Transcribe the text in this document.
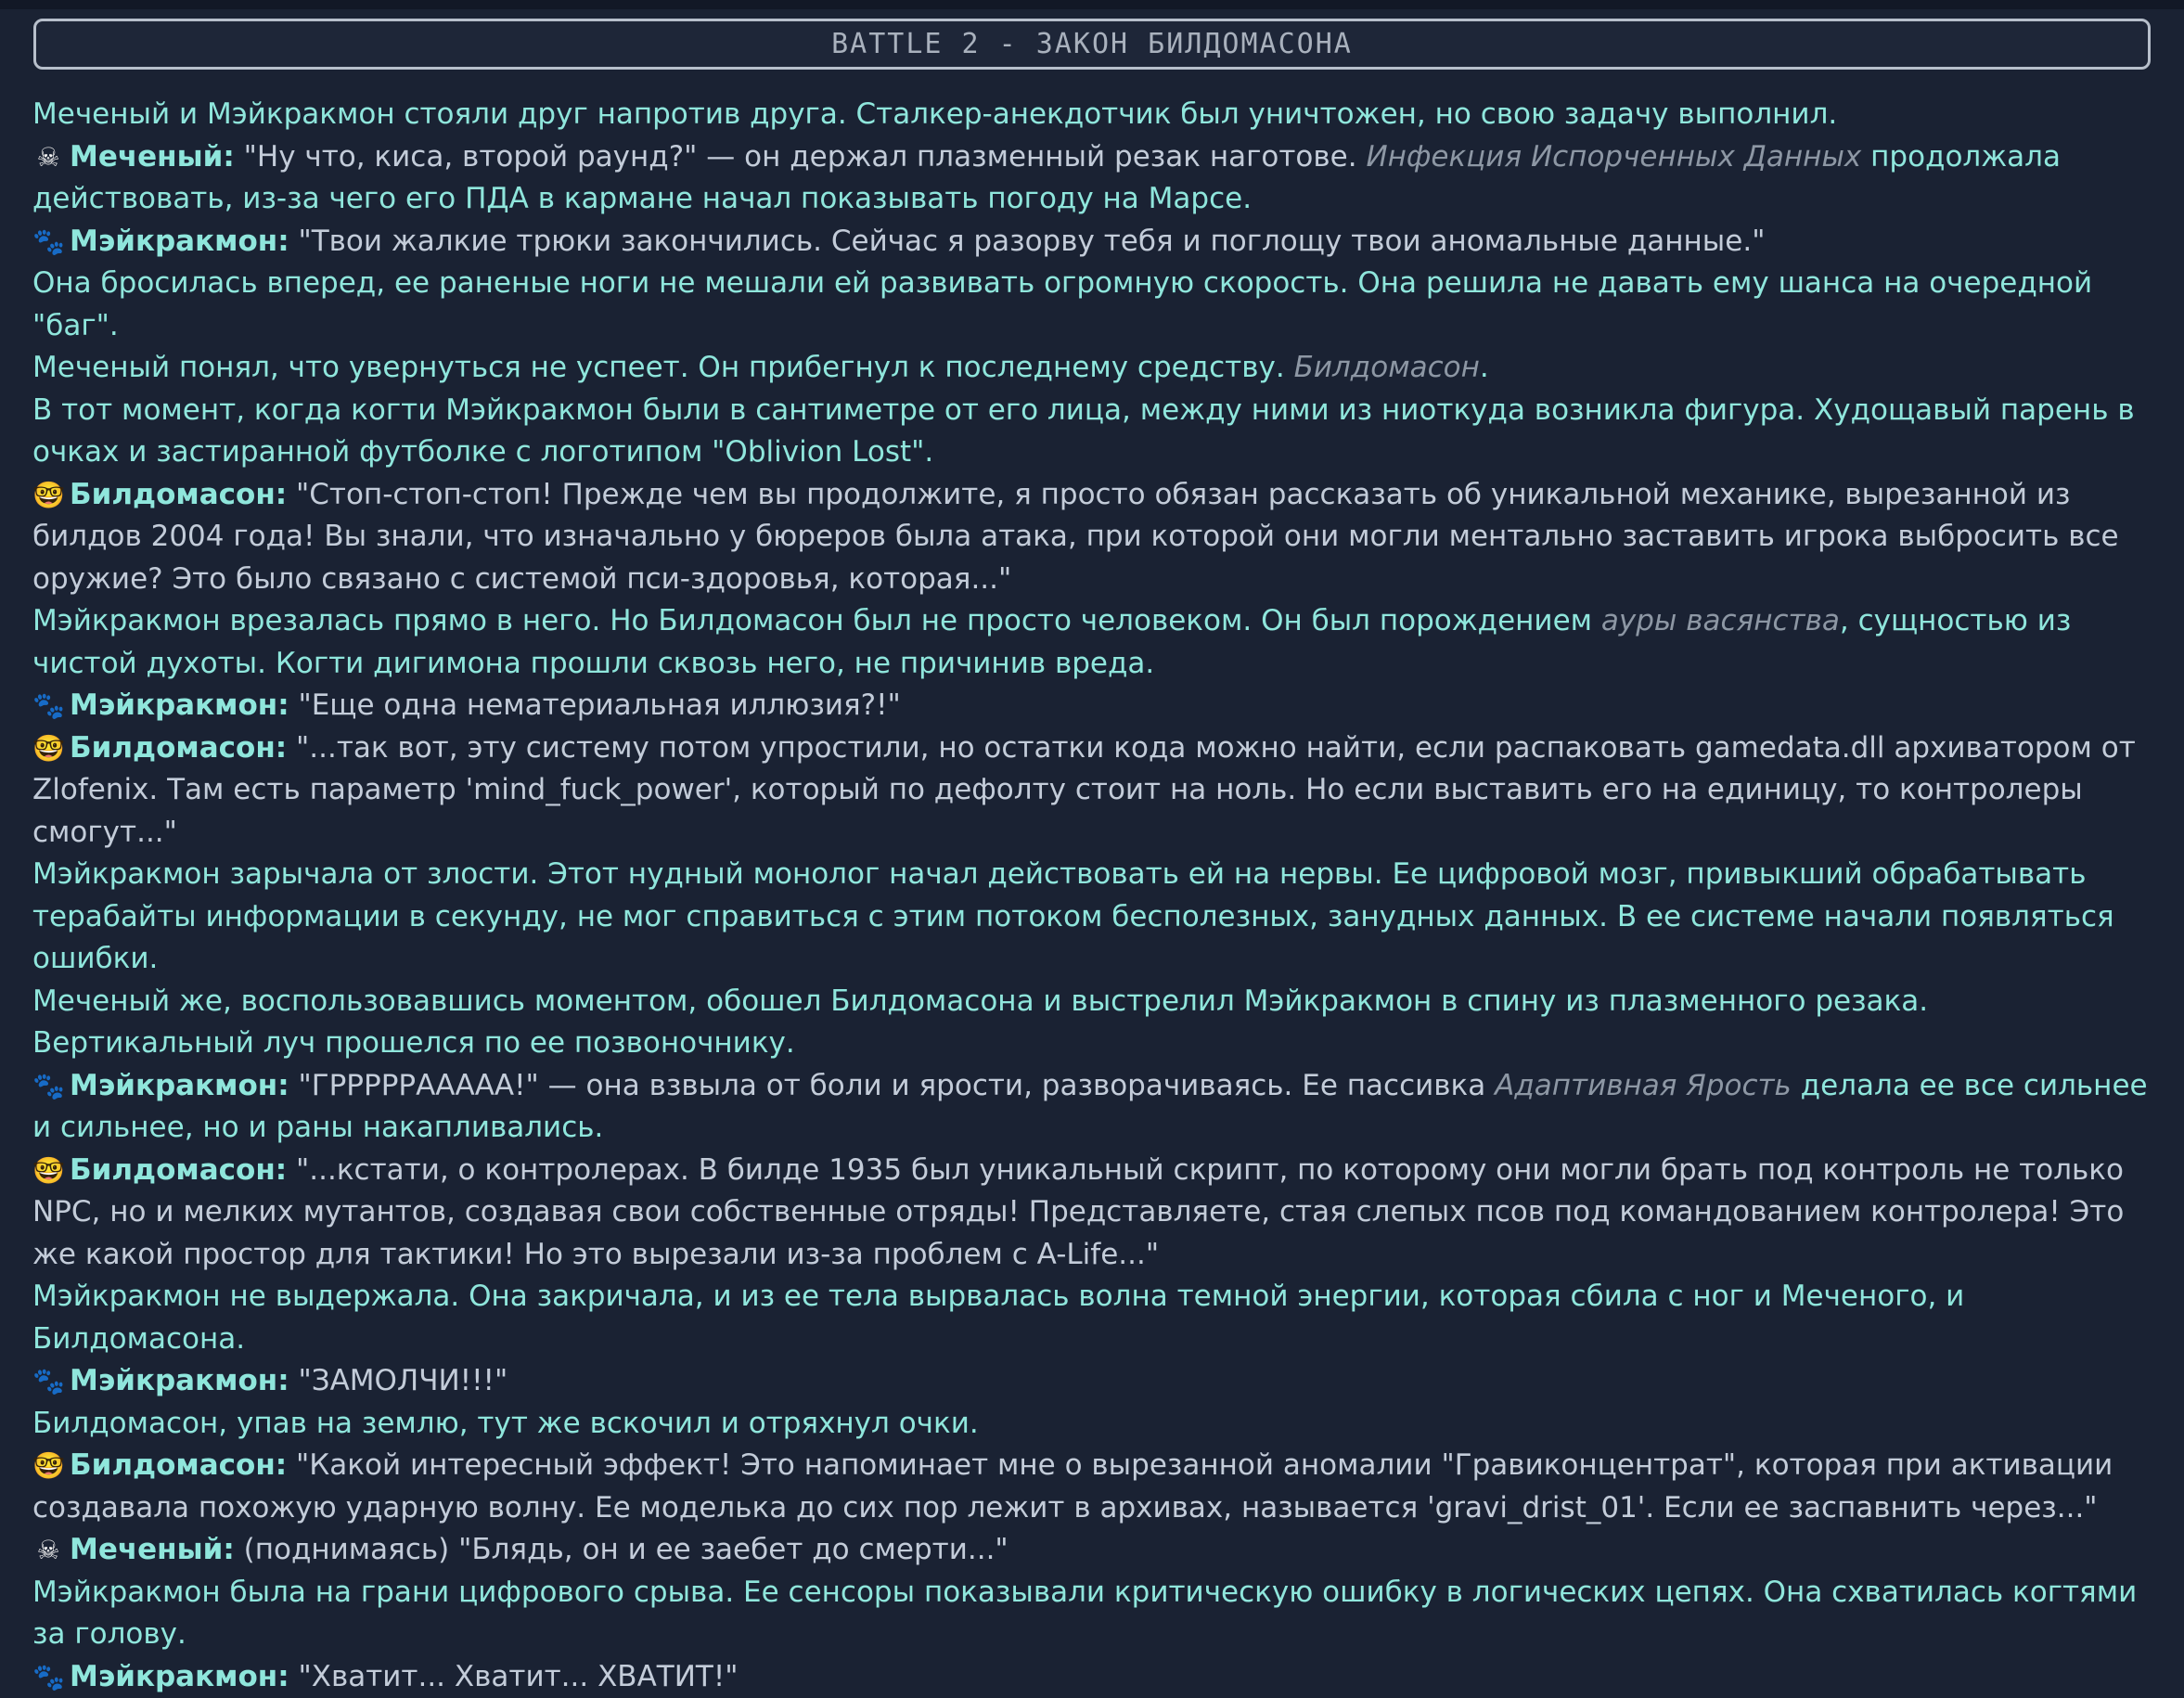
BATTLE 2 - ЗАКОН БИЛДОМАСОНА

Меченый и Мэйкракмон стояли друг напротив друга. Сталкер-анекдотчик был уничтожен, но свою задачу выполнил.

☠ Меченый: "Ну что, киса, второй раунд?" — он держал плазменный резак наготове. Инфекция Испорченных Данных продолжала действовать, из-за чего его ПДА в кармане начал показывать погоду на Марсе.

🐾 Мэйкракмон: "Твои жалкие трюки закончились. Сейчас я разорву тебя и поглощу твои аномальные данные."

Она бросилась вперед, ее раненые ноги не мешали ей развивать огромную скорость. Она решила не давать ему шанса на очередной "баг".

Меченый понял, что увернуться не успеет. Он прибегнул к последнему средству. Билдомасон.

В тот момент, когда когти Мэйкракмон были в сантиметре от его лица, между ними из ниоткуда возникла фигура. Худощавый парень в очках и застиранной футболке с логотипом "Oblivion Lost".

🤓 Билдомасон: "Стоп-стоп-стоп! Прежде чем вы продолжите, я просто обязан рассказать об уникальной механике, вырезанной из билдов 2004 года! Вы знали, что изначально у бюреров была атака, при которой они могли ментально заставить игрока выбросить все оружие? Это было связано с системой пси-здоровья, которая..."

Мэйкракмон врезалась прямо в него. Но Билдомасон был не просто человеком. Он был порождением ауры васянства, сущностью из чистой духоты. Когти дигимона прошли сквозь него, не причинив вреда.

🐾 Мэйкракмон: "Еще одна нематериальная иллюзия?!"

🤓 Билдомасон: "...так вот, эту систему потом упростили, но остатки кода можно найти, если распаковать gamedata.dll архиватором от Zlofenix. Там есть параметр 'mind_fuck_power', который по дефолту стоит на ноль. Но если выставить его на единицу, то контролеры смогут..."

Мэйкракмон зарычала от злости. Этот нудный монолог начал действовать ей на нервы. Ее цифровой мозг, привыкший обрабатывать терабайты информации в секунду, не мог справиться с этим потоком бесполезных, занудных данных. В ее системе начали появляться ошибки.

Меченый же, воспользовавшись моментом, обошел Билдомасона и выстрелил Мэйкракмон в спину из плазменного резака. Вертикальный луч прошелся по ее позвоночнику.

🐾 Мэйкракмон: "ГРРРРРААААА!" — она взвыла от боли и ярости, разворачиваясь. Ее пассивка Адаптивная Ярость делала ее все сильнее и сильнее, но и раны накапливались.

🤓 Билдомасон: "...кстати, о контролерах. В билде 1935 был уникальный скрипт, по которому они могли брать под контроль не только NPC, но и мелких мутантов, создавая свои собственные отряды! Представляете, стая слепых псов под командованием контролера! Это же какой простор для тактики! Но это вырезали из-за проблем с A-Life..."

Мэйкракмон не выдержала. Она закричала, и из ее тела вырвалась волна темной энергии, которая сбила с ног и Меченого, и Билдомасона.

🐾 Мэйкракмон: "ЗАМОЛЧИ!!!"

Билдомасон, упав на землю, тут же вскочил и отряхнул очки.

🤓 Билдомасон: "Какой интересный эффект! Это напоминает мне о вырезанной аномалии "Гравиконцентрат", которая при активации создавала похожую ударную волну. Ее моделька до сих пор лежит в архивах, называется 'gravi_drist_01'. Если ее заспавнить через..."

☠ Меченый: (поднимаясь) "Блядь, он и ее заебет до смерти..."

Мэйкракмон была на грани цифрового срыва. Ее сенсоры показывали критическую ошибку в логических цепях. Она схватилась когтями за голову.

🐾 Мэйкракмон: "Хватит... Хватит... ХВАТИТ!"
